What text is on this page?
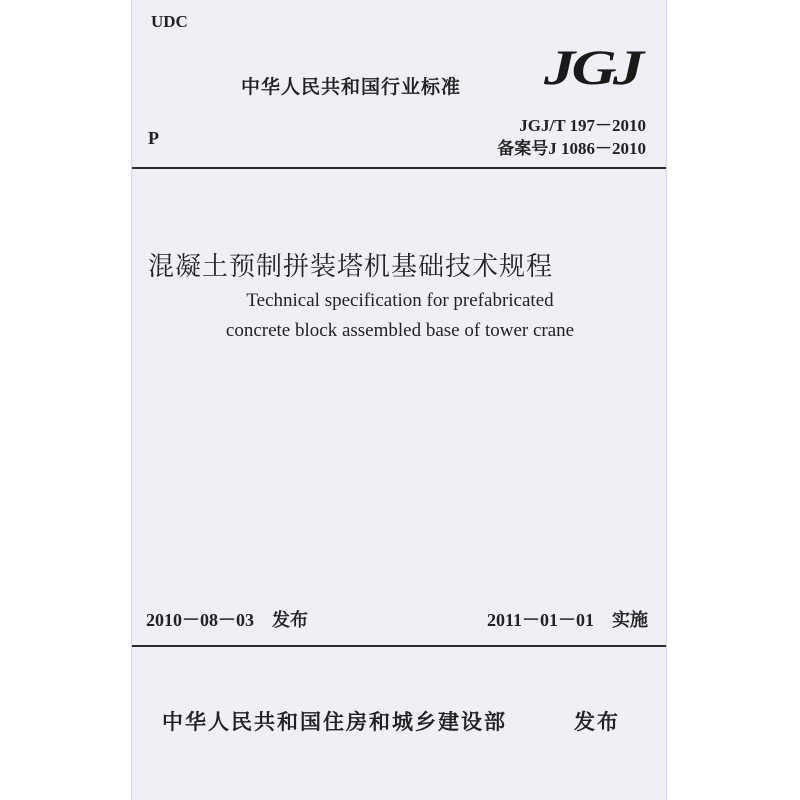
UDC
中华人民共和国行业标准 JGJ
P
JGJ/T 197－2010
备案号J 1086－2010
混凝土预制拼装塔机基础技术规程
Technical specification for prefabricated
concrete block assembled base of tower crane
2010－08－03　发布	2011－01－01　实施
中华人民共和国住房和城乡建设部	发布
